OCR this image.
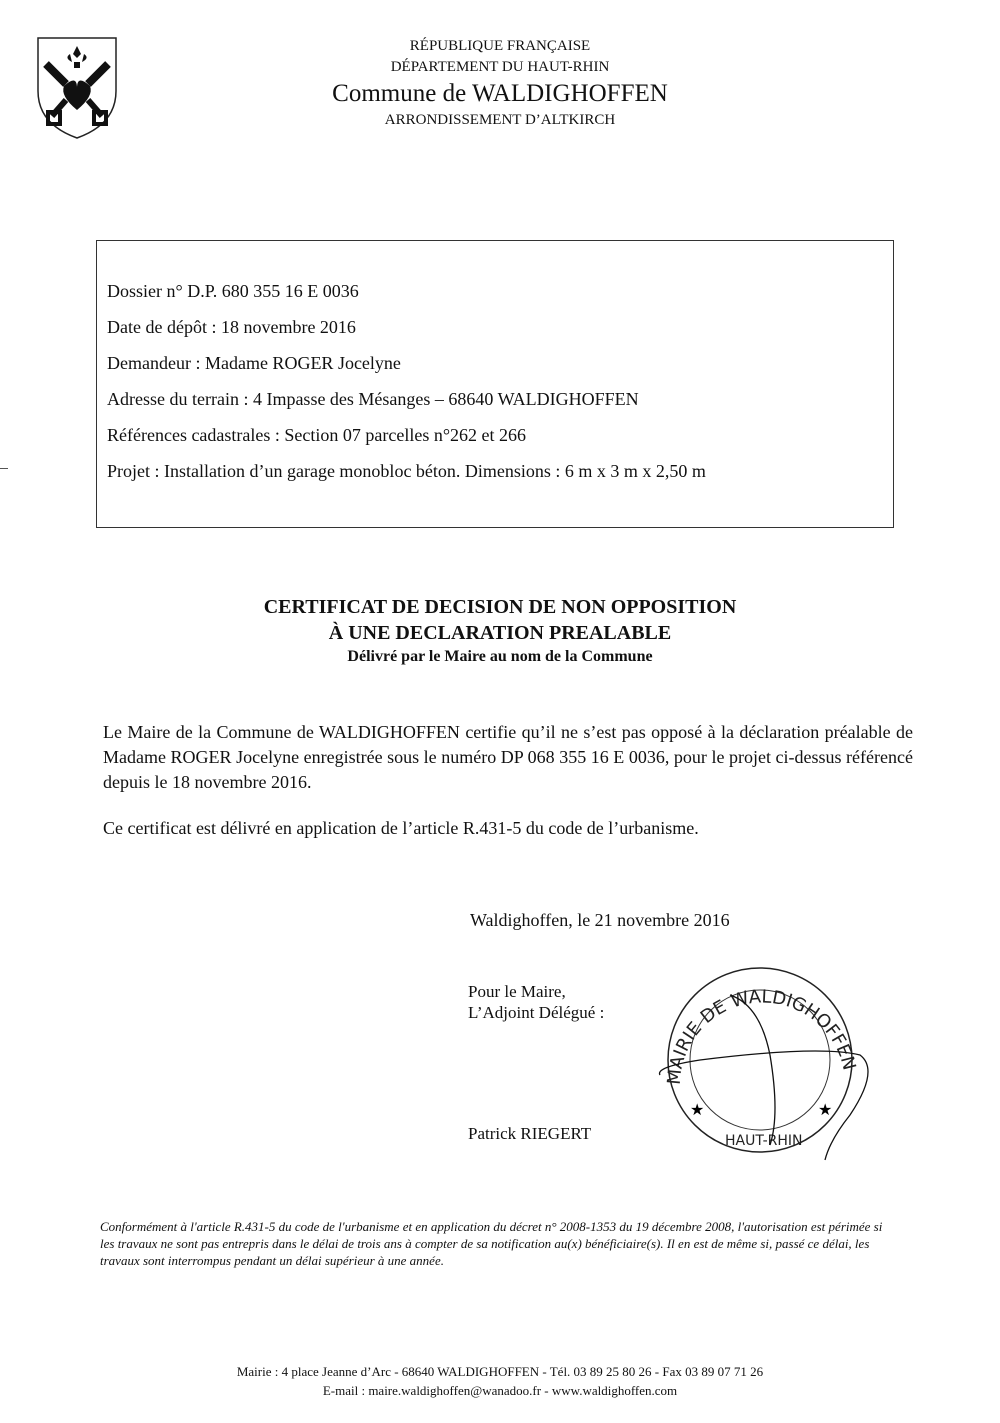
RÉPUBLIQUE FRANÇAISE
DÉPARTEMENT DU HAUT-RHIN
Commune de WALDIGHOFFEN
ARRONDISSEMENT D’ALTKIRCH
Dossier n° D.P. 680 355 16 E 0036
Date de dépôt : 18 novembre 2016
Demandeur : Madame ROGER Jocelyne
Adresse du terrain : 4 Impasse des Mésanges – 68640 WALDIGHOFFEN
Références cadastrales : Section 07 parcelles n°262 et 266
Projet : Installation d’un garage monobloc béton. Dimensions : 6 m x 3 m x 2,50 m
CERTIFICAT DE DECISION DE NON OPPOSITION
À UNE DECLARATION PREALABLE
Délivré par le Maire au nom de la Commune
Le Maire de la Commune de WALDIGHOFFEN certifie qu’il ne s’est pas opposé à la déclaration préalable de Madame ROGER Jocelyne enregistrée sous le numéro DP 068 355 16 E 0036, pour le projet ci-dessus référencé depuis le 18 novembre 2016.
Ce certificat est délivré en application de l’article R.431-5 du code de l’urbanisme.
Waldighoffen, le 21 novembre 2016
Pour le Maire,
L’Adjoint Délégué :
Patrick RIEGERT
MAIRIE DE WALDIGHOFFEN
HAUT-RHIN
★	★
Conformément à l'article R.431-5 du code de l'urbanisme et en application du décret n° 2008-1353 du 19 décembre 2008, l'autorisation est périmée si les travaux ne sont pas entrepris dans le délai de trois ans à compter de sa notification au(x) bénéficiaire(s). Il en est de même si, passé ce délai, les travaux sont interrompus pendant un délai supérieur à une année.
Mairie : 4 place Jeanne d’Arc - 68640 WALDIGHOFFEN - Tél. 03 89 25 80 26 - Fax 03 89 07 71 26
E-mail : maire.waldighoffen@wanadoo.fr - www.waldighoffen.com
